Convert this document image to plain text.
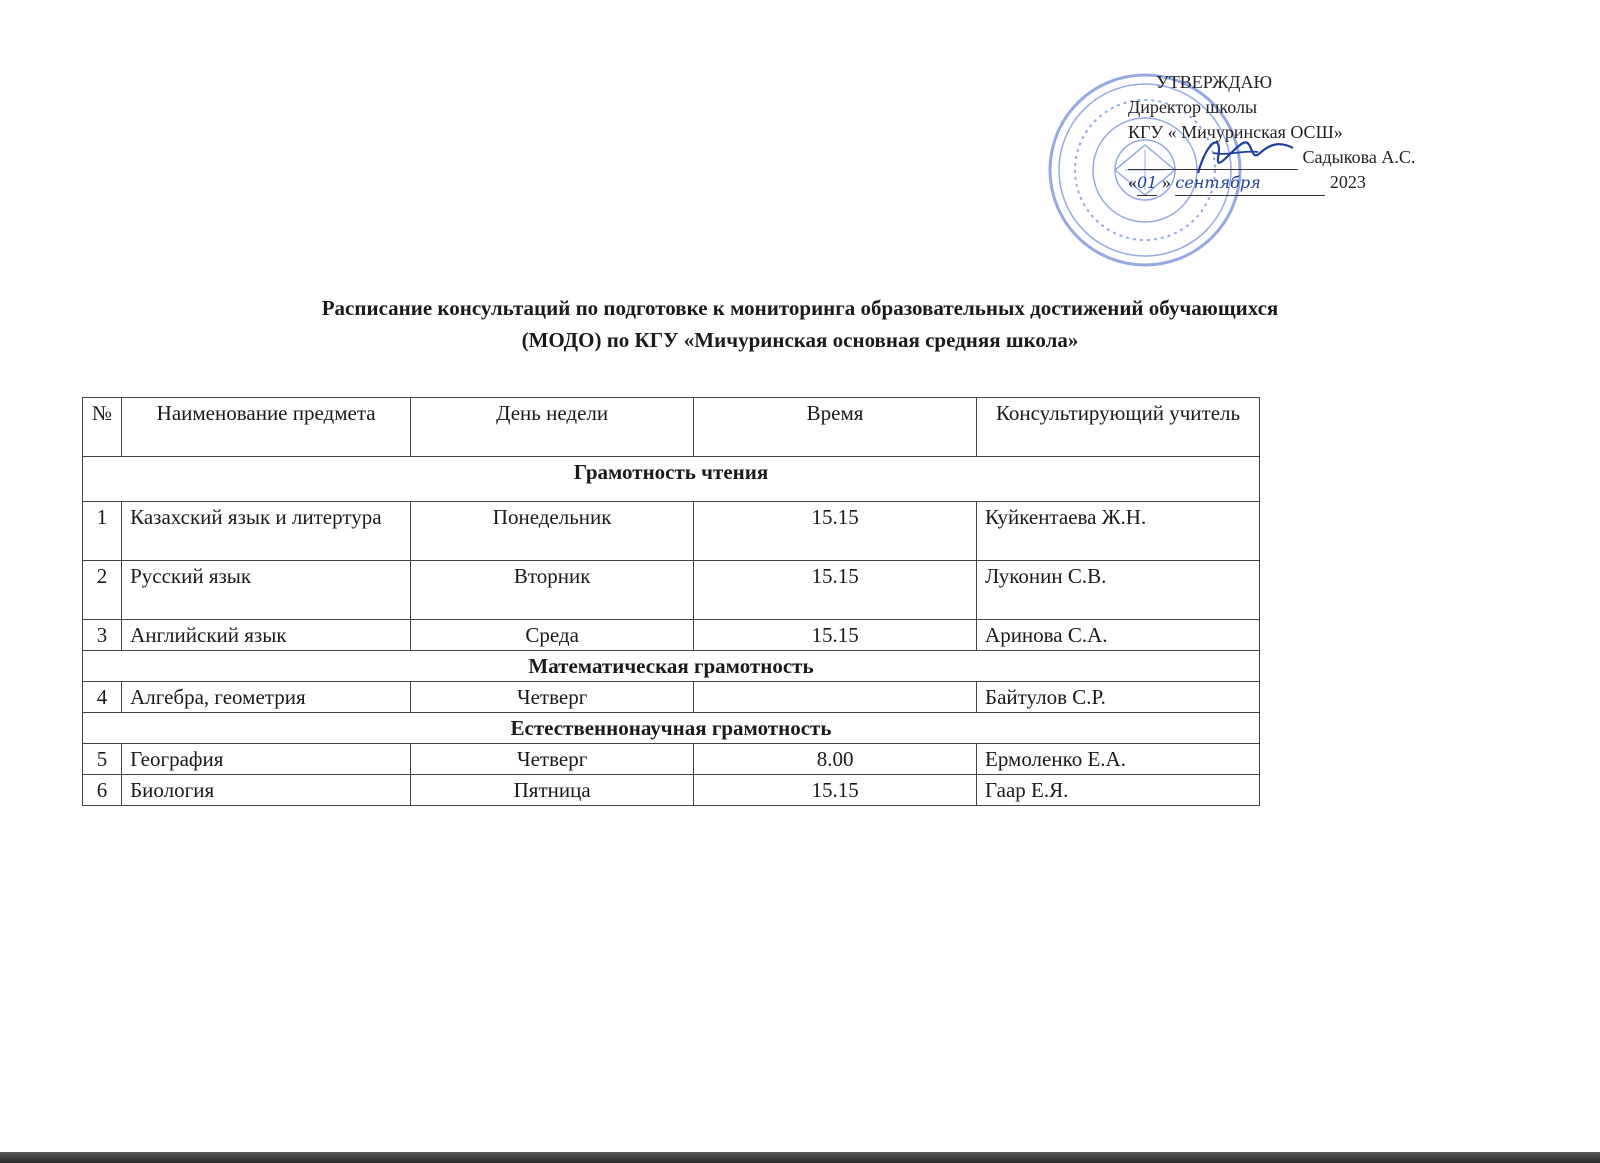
УТВЕРЖДАЮ
Директор школы
КГУ « Мичуринская ОСШ»
Садыкова А.С.
«01 » сентября	2023
Расписание консультаций по подготовке к мониторинга образовательных достижений обучающихся
(МОДО) по КГУ «Мичуринская основная средняя школа»
№	Наименование предмета	День недели	Время	Консультирующий учитель
Грамотность чтения				
1	Казахский язык и литертура	Понедельник	15.15	Куйкентаева Ж.Н.
2	Русский язык	Вторник	15.15	Луконин С.В.
3	Английский язык	Среда	15.15	Аринова С.А.
Математическая грамотность				
4	Алгебра, геометрия	Четверг		Байтулов С.Р.
Естественнонаучная грамотность				
5	География	Четверг	8.00	Ермоленко Е.А.
6	Биология	Пятница	15.15	Гаар Е.Я.
